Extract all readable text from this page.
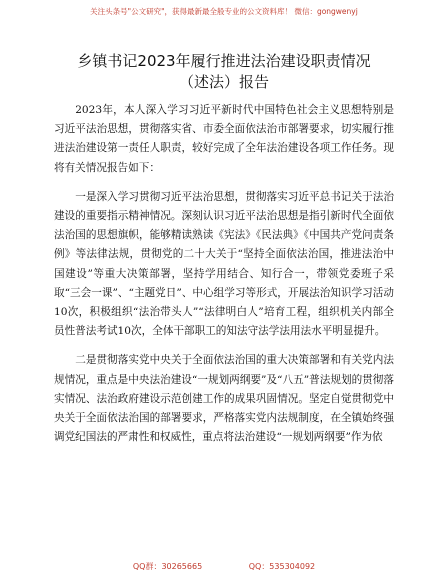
关注头条号"公文研究"，获得最新最全般专业的公文资料库！ 微信：gongwenyj
乡镇书记2023年履行推进法治建设职责情况
（述法）报告

2023年，本人深入学习习近平新时代中国特色社会主义思想特别是习近平法治思想，贯彻落实省、市委全面依法治市部署要求，切实履行推进法治建设第一责任人职责，较好完成了全年法治建设各项工作任务。现将有关情况报告如下：

一是深入学习贯彻习近平法治思想，贯彻落实习近平总书记关于法治建设的重要指示精神情况。深刻认识习近平法治思想是指引新时代全面依法治国的思想旗帜，能够精读熟读《宪法》《民法典》《中国共产党问责条例》等法律法规，贯彻党的二十大关于“坚持全面依法治国，推进法治中国建设”等重大决策部署，坚持学用结合、知行合一，带领党委班子采取“三会一课”、“主题党日”、中心组学习等形式，开展法治知识学习活动10次，积极组织“法治带头人”“法律明白人”培育工程，组织机关内部全员性普法考试10次，全体干部职工的知法守法学法用法水平明显提升。

二是贯彻落实党中央关于全面依法治国的重大决策部署和有关党内法规情况，重点是中央法治建设“一规划两纲要”及“八五”普法规划的贯彻落实情况、法治政府建设示范创建工作的成果巩固情况。坚定自觉贯彻党中央关于全面依法治国的部署要求，严格落实党内法规制度，在全镇始终强调党纪国法的严肃性和权威性，重点将法治建设“一规划两纲要”作为依

QQ群：30265665	QQ：535304092
